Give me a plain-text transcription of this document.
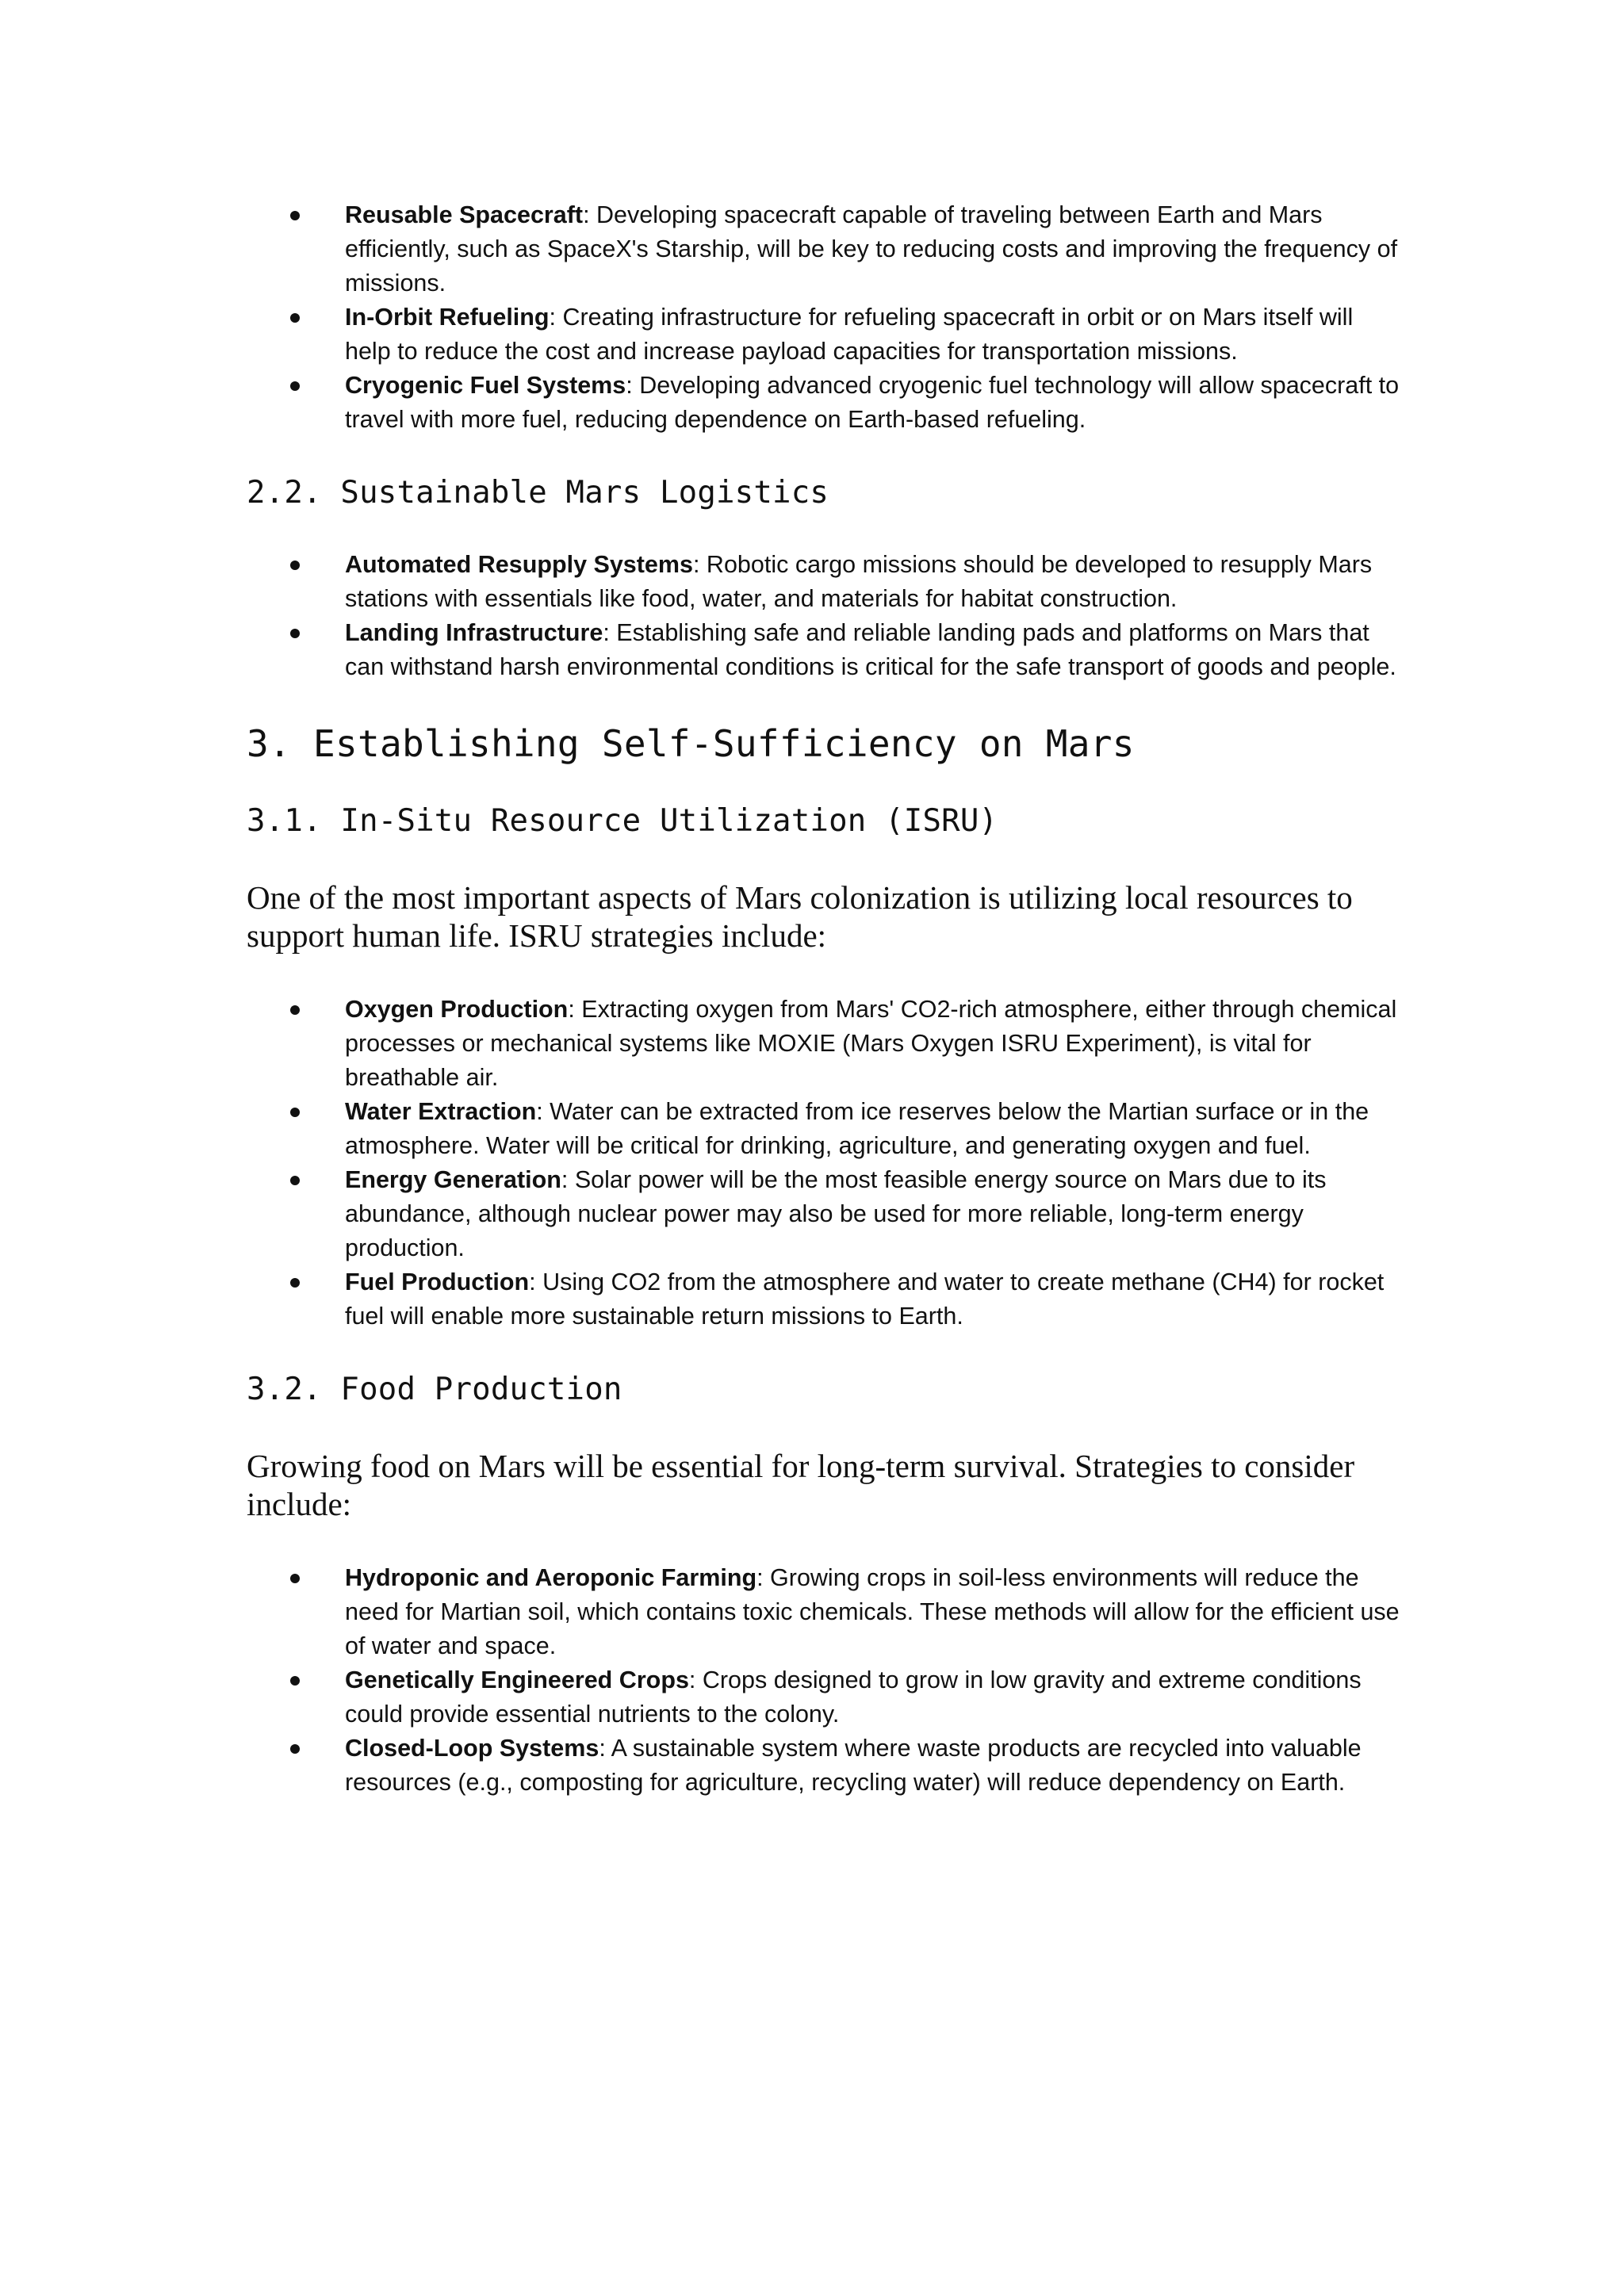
Reusable Spacecraft: Developing spacecraft capable of traveling between Earth and Mars efficiently, such as SpaceX's Starship, will be key to reducing costs and improving the frequency of missions.
In-Orbit Refueling: Creating infrastructure for refueling spacecraft in orbit or on Mars itself will help to reduce the cost and increase payload capacities for transportation missions.
Cryogenic Fuel Systems: Developing advanced cryogenic fuel technology will allow spacecraft to travel with more fuel, reducing dependence on Earth-based refueling.
2.2. Sustainable Mars Logistics
Automated Resupply Systems: Robotic cargo missions should be developed to resupply Mars stations with essentials like food, water, and materials for habitat construction.
Landing Infrastructure: Establishing safe and reliable landing pads and platforms on Mars that can withstand harsh environmental conditions is critical for the safe transport of goods and people.
3. Establishing Self-Sufficiency on Mars
3.1. In-Situ Resource Utilization (ISRU)

One of the most important aspects of Mars colonization is utilizing local resources to support human life. ISRU strategies include:

Oxygen Production: Extracting oxygen from Mars' CO2-rich atmosphere, either through chemical processes or mechanical systems like MOXIE (Mars Oxygen ISRU Experiment), is vital for breathable air.
Water Extraction: Water can be extracted from ice reserves below the Martian surface or in the atmosphere. Water will be critical for drinking, agriculture, and generating oxygen and fuel.
Energy Generation: Solar power will be the most feasible energy source on Mars due to its abundance, although nuclear power may also be used for more reliable, long-term energy production.
Fuel Production: Using CO2 from the atmosphere and water to create methane (CH4) for rocket fuel will enable more sustainable return missions to Earth.
3.2. Food Production

Growing food on Mars will be essential for long-term survival. Strategies to consider include:

Hydroponic and Aeroponic Farming: Growing crops in soil-less environments will reduce the need for Martian soil, which contains toxic chemicals. These methods will allow for the efficient use of water and space.
Genetically Engineered Crops: Crops designed to grow in low gravity and extreme conditions could provide essential nutrients to the colony.
Closed-Loop Systems: A sustainable system where waste products are recycled into valuable resources (e.g., composting for agriculture, recycling water) will reduce dependency on Earth.
